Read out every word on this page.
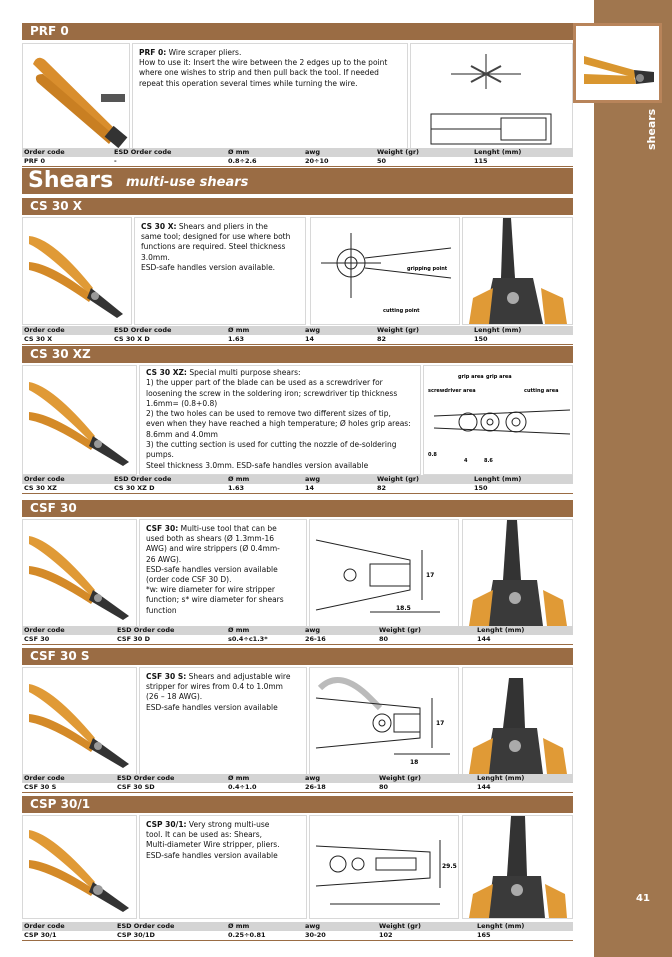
shears
41
PRF 0
PRF 0: Wire scraper pliers.
How to use it: Insert the wire between the 2 edges up to the point
where one wishes to strip and then pull back the tool. If needed
repeat this operation several times while turning the wire.
Order code	ESD Order code	Ø mm	awg	Weight (gr)	Lenght (mm)
PRF 0	-	0.8÷2.6	20÷10	50	115
Shears multi-use shears
CS 30 X
CS 30 X: Shears and pliers in the
same tool; designed for use where both
functions are required. Steel thickness
3.0mm.
ESD-safe handles version available.	gripping point
cutting point
Order code	ESD Order code	Ø mm	awg	Weight (gr)	Lenght (mm)
CS 30 X	CS 30 X D	1.63	14	82	150
CS 30 XZ
CS 30 XZ: Special multi purpose shears:
1) the upper part of the blade can be used as a screwdriver for
loosening the screw in the soldering iron; screwdriver tip thickness
1.6mm= (0.8+0.8)
2) the two holes can be used to remove two different sizes of tip,
even when they have reached a high temperature; Ø holes grip areas:
8.6mm and 4.0mm
3) the cutting section is used for cutting the nozzle of de-soldering
pumps.
Steel thickness 3.0mm. ESD-safe handles version available
grip area grip area
screwdriver area	cutting area
0.8
4	8.6
Order code	ESD Order code	Ø mm	awg	Weight (gr)	Lenght (mm)
CS 30 XZ	CS 30 XZ D	1.63	14	82	150
CSF 30
CSF 30: Multi-use tool that can be
used both as shears (Ø 1.3mm-16
AWG) and wire strippers (Ø 0.4mm-
26 AWG).
ESD-safe handles version available
(order code CSF 30 D).
*w: wire diameter for wire stripper
function; s* wire diameter for shears
function
17
18.5
Order code	ESD Order code	Ø mm	awg	Weight (gr)	Lenght (mm)
CSF 30	CSF 30 D	s0.4÷c1.3*	26-16	80	144
CSF 30 S
CSF 30 S: Shears and adjustable wire
stripper for wires from 0.4 to 1.0mm
(26 – 18 AWG).
ESD-safe handles version available
17
18
Order code	ESD Order code	Ø mm	awg	Weight (gr)	Lenght (mm)
CSF 30 S	CSF 30 SD	0.4÷1.0	26-18	80	144
CSP 30/1
CSP 30/1: Very strong multi-use
tool. It can be used as: Shears,
Multi-diameter Wire stripper, pliers.
ESD-safe handles version available
29.5
Order code	ESD Order code	Ø mm	awg	Weight (gr)	Lenght (mm)
CSP 30/1	CSP 30/1D	0.25÷0.81	30-20	102	165
